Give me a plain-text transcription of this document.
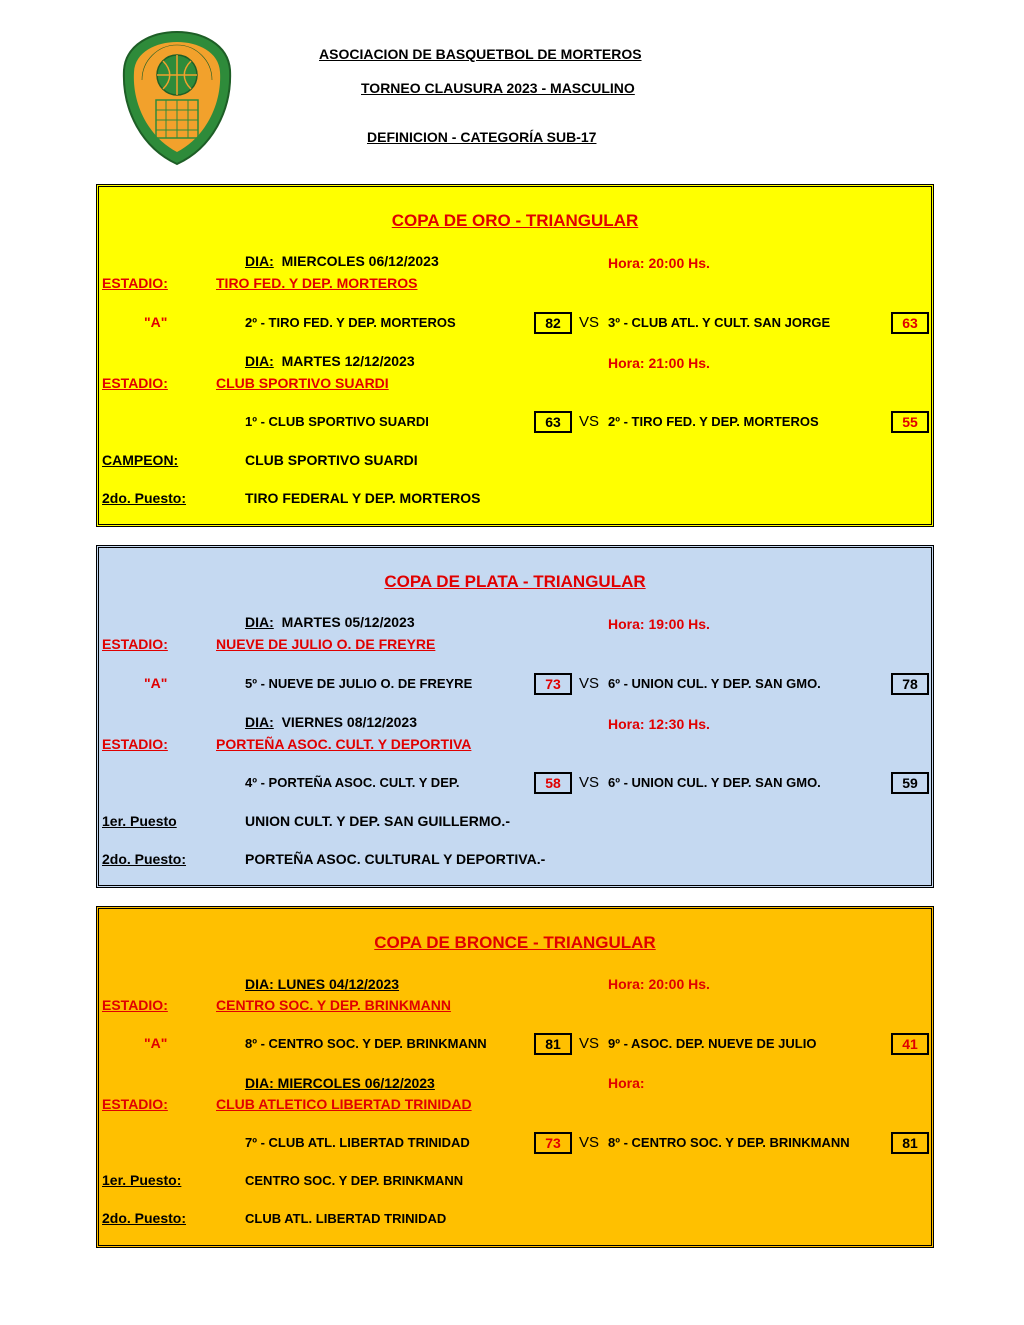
ASOCIACION DE BASQUETBOL DE MORTEROS
TORNEO CLAUSURA 2023 - MASCULINO
DEFINICION - CATEGORÍA SUB-17
COPA DE ORO - TRIANGULAR
DIA: MIERCOLES 06/12/2023	Hora: 20:00 Hs.
ESTADIO:	TIRO FED. Y DEP. MORTEROS
"A"	2º - TIRO FED. Y DEP. MORTEROS	82	VS 3º - CLUB ATL. Y CULT. SAN JORGE	63
DIA: MARTES 12/12/2023	Hora: 21:00 Hs.
ESTADIO:	CLUB SPORTIVO SUARDI
1º - CLUB SPORTIVO SUARDI	63	VS 2º - TIRO FED. Y DEP. MORTEROS	55
CAMPEON:	CLUB SPORTIVO SUARDI
2do. Puesto:	TIRO FEDERAL Y DEP. MORTEROS
COPA DE PLATA - TRIANGULAR
DIA: MARTES 05/12/2023	Hora: 19:00 Hs.
ESTADIO:	NUEVE DE JULIO O. DE FREYRE
"A"	5º - NUEVE DE JULIO O. DE FREYRE	73	VS 6º - UNION CUL. Y DEP. SAN GMO.	78
DIA: VIERNES 08/12/2023	Hora: 12:30 Hs.
ESTADIO:	PORTEÑA ASOC. CULT. Y DEPORTIVA
4º - PORTEÑA ASOC. CULT. Y DEP.	58	VS 6º - UNION CUL. Y DEP. SAN GMO.	59
1er. Puesto	UNION CULT. Y DEP. SAN GUILLERMO.-
2do. Puesto:	PORTEÑA ASOC. CULTURAL Y DEPORTIVA.-
COPA DE BRONCE - TRIANGULAR
DIA: LUNES 04/12/2023	Hora: 20:00 Hs.
ESTADIO:	CENTRO SOC. Y DEP. BRINKMANN
"A"	8º - CENTRO SOC. Y DEP. BRINKMANN	81	VS 9º - ASOC. DEP. NUEVE DE JULIO	41
DIA: MIERCOLES 06/12/2023	Hora:
ESTADIO:	CLUB ATLETICO LIBERTAD TRINIDAD
7º - CLUB ATL. LIBERTAD TRINIDAD	73	VS 8º - CENTRO SOC. Y DEP. BRINKMANN	81
1er. Puesto:	CENTRO SOC. Y DEP. BRINKMANN
2do. Puesto:	CLUB ATL. LIBERTAD TRINIDAD
